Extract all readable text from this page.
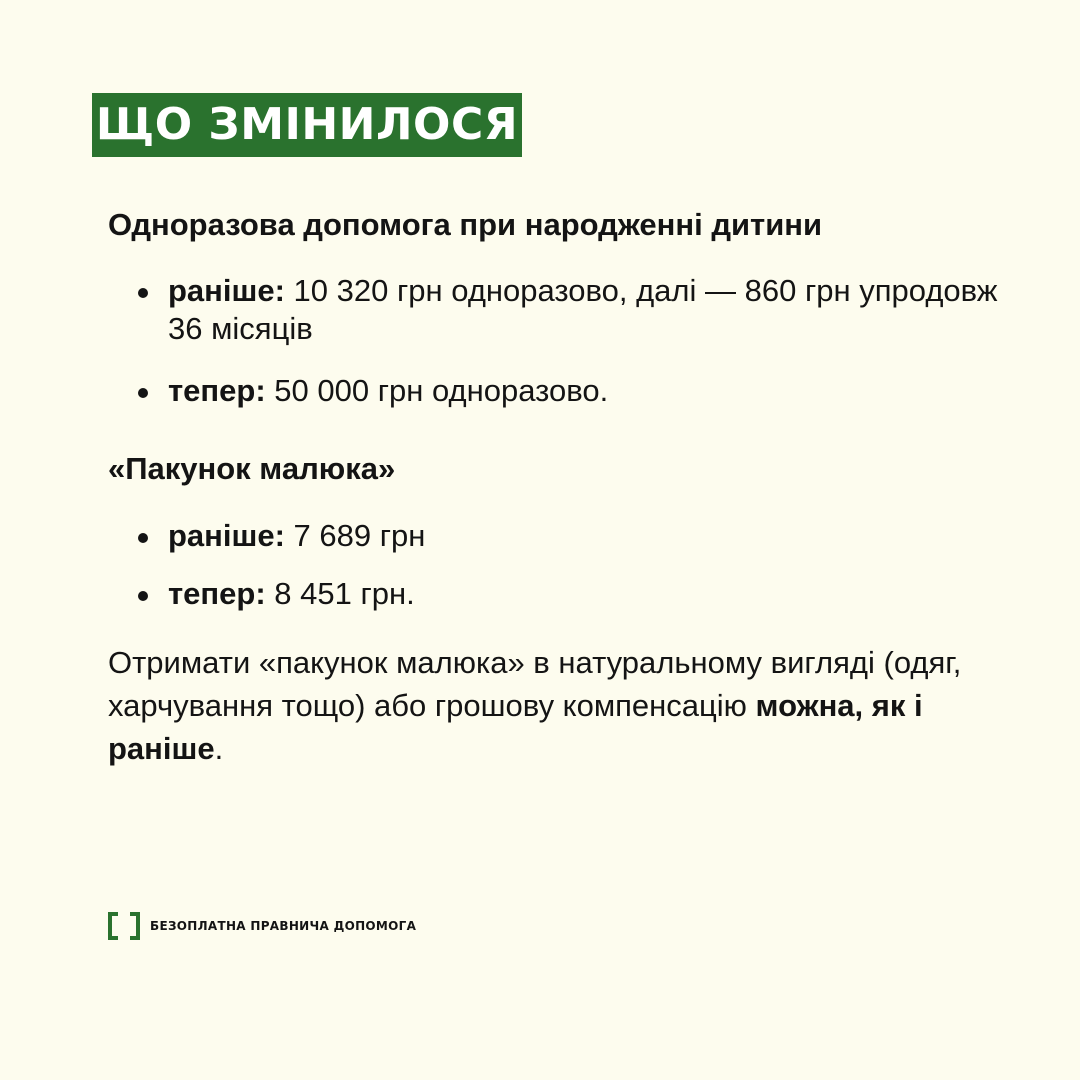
ЩО ЗМІНИЛОСЯ
Одноразова допомога при народженні дитини
раніше: 10 320 грн одноразово, далі — 860 грн упродовж 36 місяців
тепер: 50 000 грн одноразово.
«Пакунок малюка»
раніше: 7 689 грн
тепер: 8 451 грн.
Отримати «пакунок малюка» в натуральному вигляді (одяг, харчування тощо) або грошову компенсацію можна, як і раніше.
БЕЗОПЛАТНА ПРАВНИЧА ДОПОМОГА
